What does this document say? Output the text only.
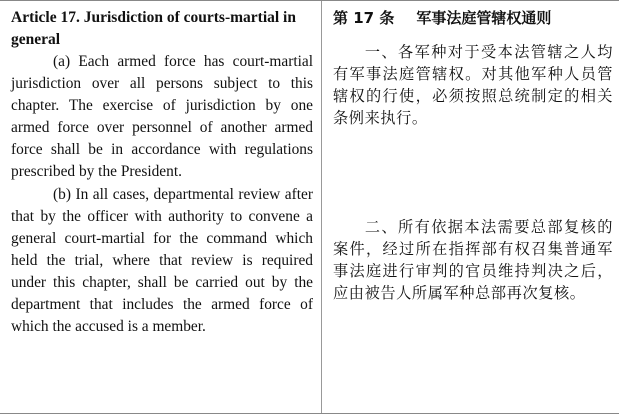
Article 17. Jurisdiction of courts-martial in general

(a) Each armed force has court-martial jurisdiction over all persons subject to this chapter. The exercise of jurisdiction by one armed force over personnel of another armed force shall be in accordance with regulations prescribed by the President.

(b) In all cases, departmental review after that by the officer with authority to convene a general court-martial for the command which held the trial, where that review is required under this chapter, shall be carried out by the department that includes the armed force of which the accused is a member.

第 17 条 军事法庭管辖权通则

一、各军种对于受本法管辖之人均有军事法庭管辖权。对其他军种人员管辖权的行使，必须按照总统制定的相关条例来执行。

二、所有依据本法需要总部复核的案件，经过所在指挥部有权召集普通军事法庭进行审判的官员维持判决之后，应由被告人所属军种总部再次复核。
